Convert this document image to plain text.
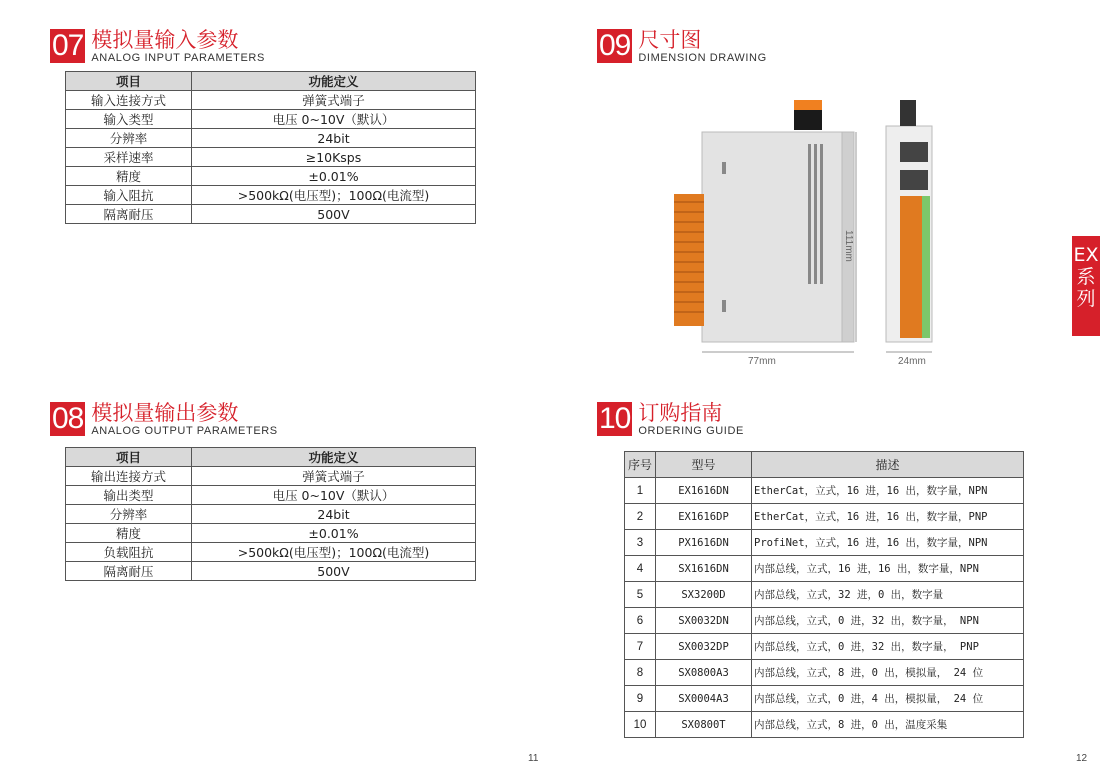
07 模拟量输入参数
ANALOG INPUT PARAMETERS
项目	功能定义
输入连接方式	弹簧式端子
输入类型	电压 0~10V（默认）
分辨率	24bit
采样速率	≥10Ksps
精度	±0.01%
输入阻抗	>500kΩ(电压型)；100Ω(电流型)
隔离耐压	500V
08 模拟量输出参数
ANALOG OUTPUT PARAMETERS
项目	功能定义
输出连接方式	弹簧式端子
输出类型	电压 0~10V（默认）
分辨率	24bit
精度	±0.01%
负载阻抗	>500kΩ(电压型)；100Ω(电流型)
隔离耐压	500V
09 尺寸图
DIMENSION DRAWING
77mm
111mm
24mm
10 订购指南
ORDERING GUIDE
序号	型号	描述
1	EX1616DN	EtherCat，立式，16 进，16 出，数字量，NPN
2	EX1616DP	EtherCat，立式，16 进，16 出，数字量，PNP
3	PX1616DN	ProfiNet，立式，16 进，16 出，数字量，NPN
4	SX1616DN	内部总线，立式，16 进，16 出，数字量，NPN
5	SX3200D	内部总线，立式，32 进，0 出，数字量
6	SX0032DN	内部总线，立式，0 进，32 出，数字量， NPN
7	SX0032DP	内部总线，立式，0 进，32 出，数字量， PNP
8	SX0800A3	内部总线，立式，8 进，0 出，模拟量， 24 位
9	SX0004A3	内部总线，立式，0 进，4 出，模拟量， 24 位
10	SX0800T	内部总线，立式，8 进，0 出，温度采集
EX系列
11	12
